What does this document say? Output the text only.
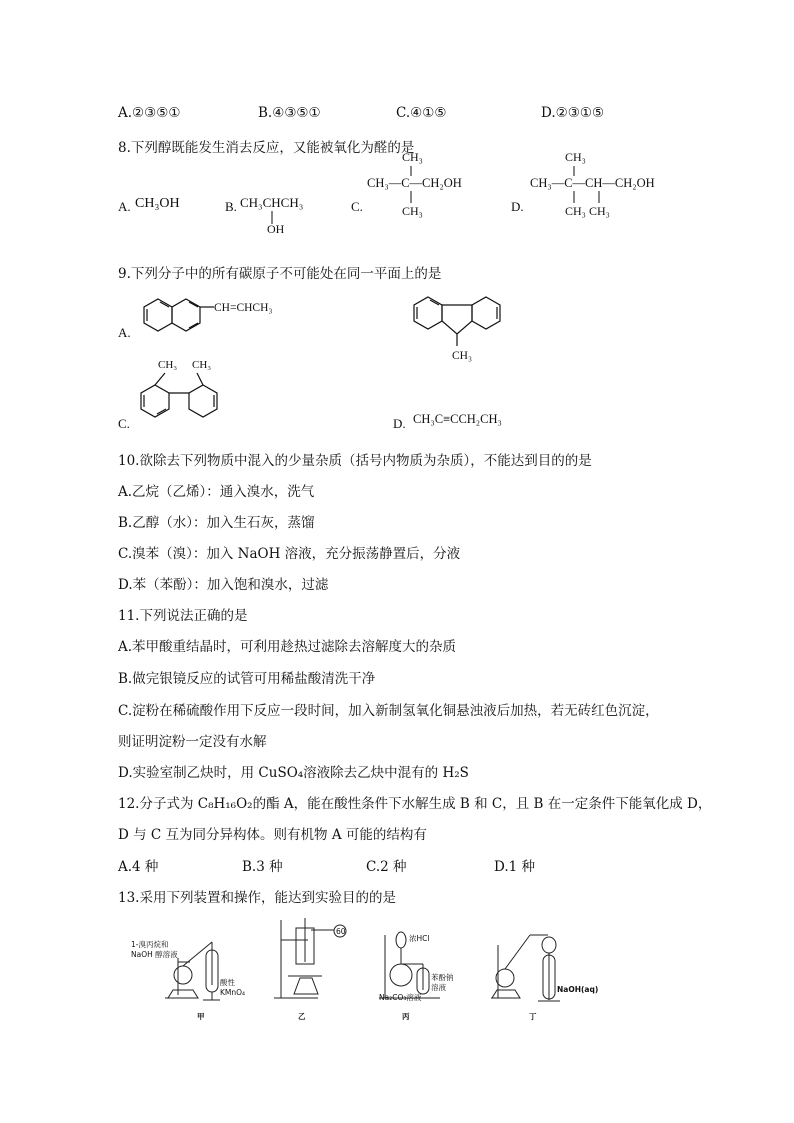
A.②③⑤①	B.④③⑤①	C.④①⑤	D.②③①⑤
8.下列醇既能发生消去反应，又能被氧化为醛的是
A. CH₃OH	B. CH₃CHCH₃
OH
C.
CH₃
CH₃—C—CH₂OH
CH₃	D.
CH₃
CH₃—C—CH—CH₂OH
CH₃ CH₃
9.下列分子中的所有碳原子不可能处在同一平面上的是
A.
CH=CHCH₃
CH₃
C.
CH₃ CH₃
D. CH₃C≡CCH₂CH₃
10.欲除去下列物质中混入的少量杂质（括号内物质为杂质），不能达到目的的是
A.乙烷（乙烯）：通入溴水，洗气
B.乙醇（水）：加入生石灰，蒸馏
C.溴苯（溴）：加入 NaOH 溶液，充分振荡静置后，分液
D.苯（苯酚）：加入饱和溴水，过滤
11.下列说法正确的是
A.苯甲酸重结晶时，可利用趁热过滤除去溶解度大的杂质
B.做完银镜反应的试管可用稀盐酸清洗干净
C.淀粉在稀硫酸作用下反应一段时间，加入新制氢氧化铜悬浊液后加热，若无砖红色沉淀，
则证明淀粉一定没有水解
D.实验室制乙炔时，用 CuSO₄溶液除去乙炔中混有的 H₂S
12.分子式为 C₈H₁₆O₂的酯 A，能在酸性条件下水解生成 B 和 C，且 B 在一定条件下能氧化成 D，
D 与 C 互为同分异构体。则有机物 A 可能的结构有
A.4 种	B.3 种	C.2 种	D.1 种
13.采用下列装置和操作，能达到实验目的的是
1-溴丙烷和
NaOH 醇溶液
酸性
KMnO₄
60
浓HCl
Na₂CO₃溶液
苯酚钠
溶液	NaOH(aq)
甲	乙	丙	丁
